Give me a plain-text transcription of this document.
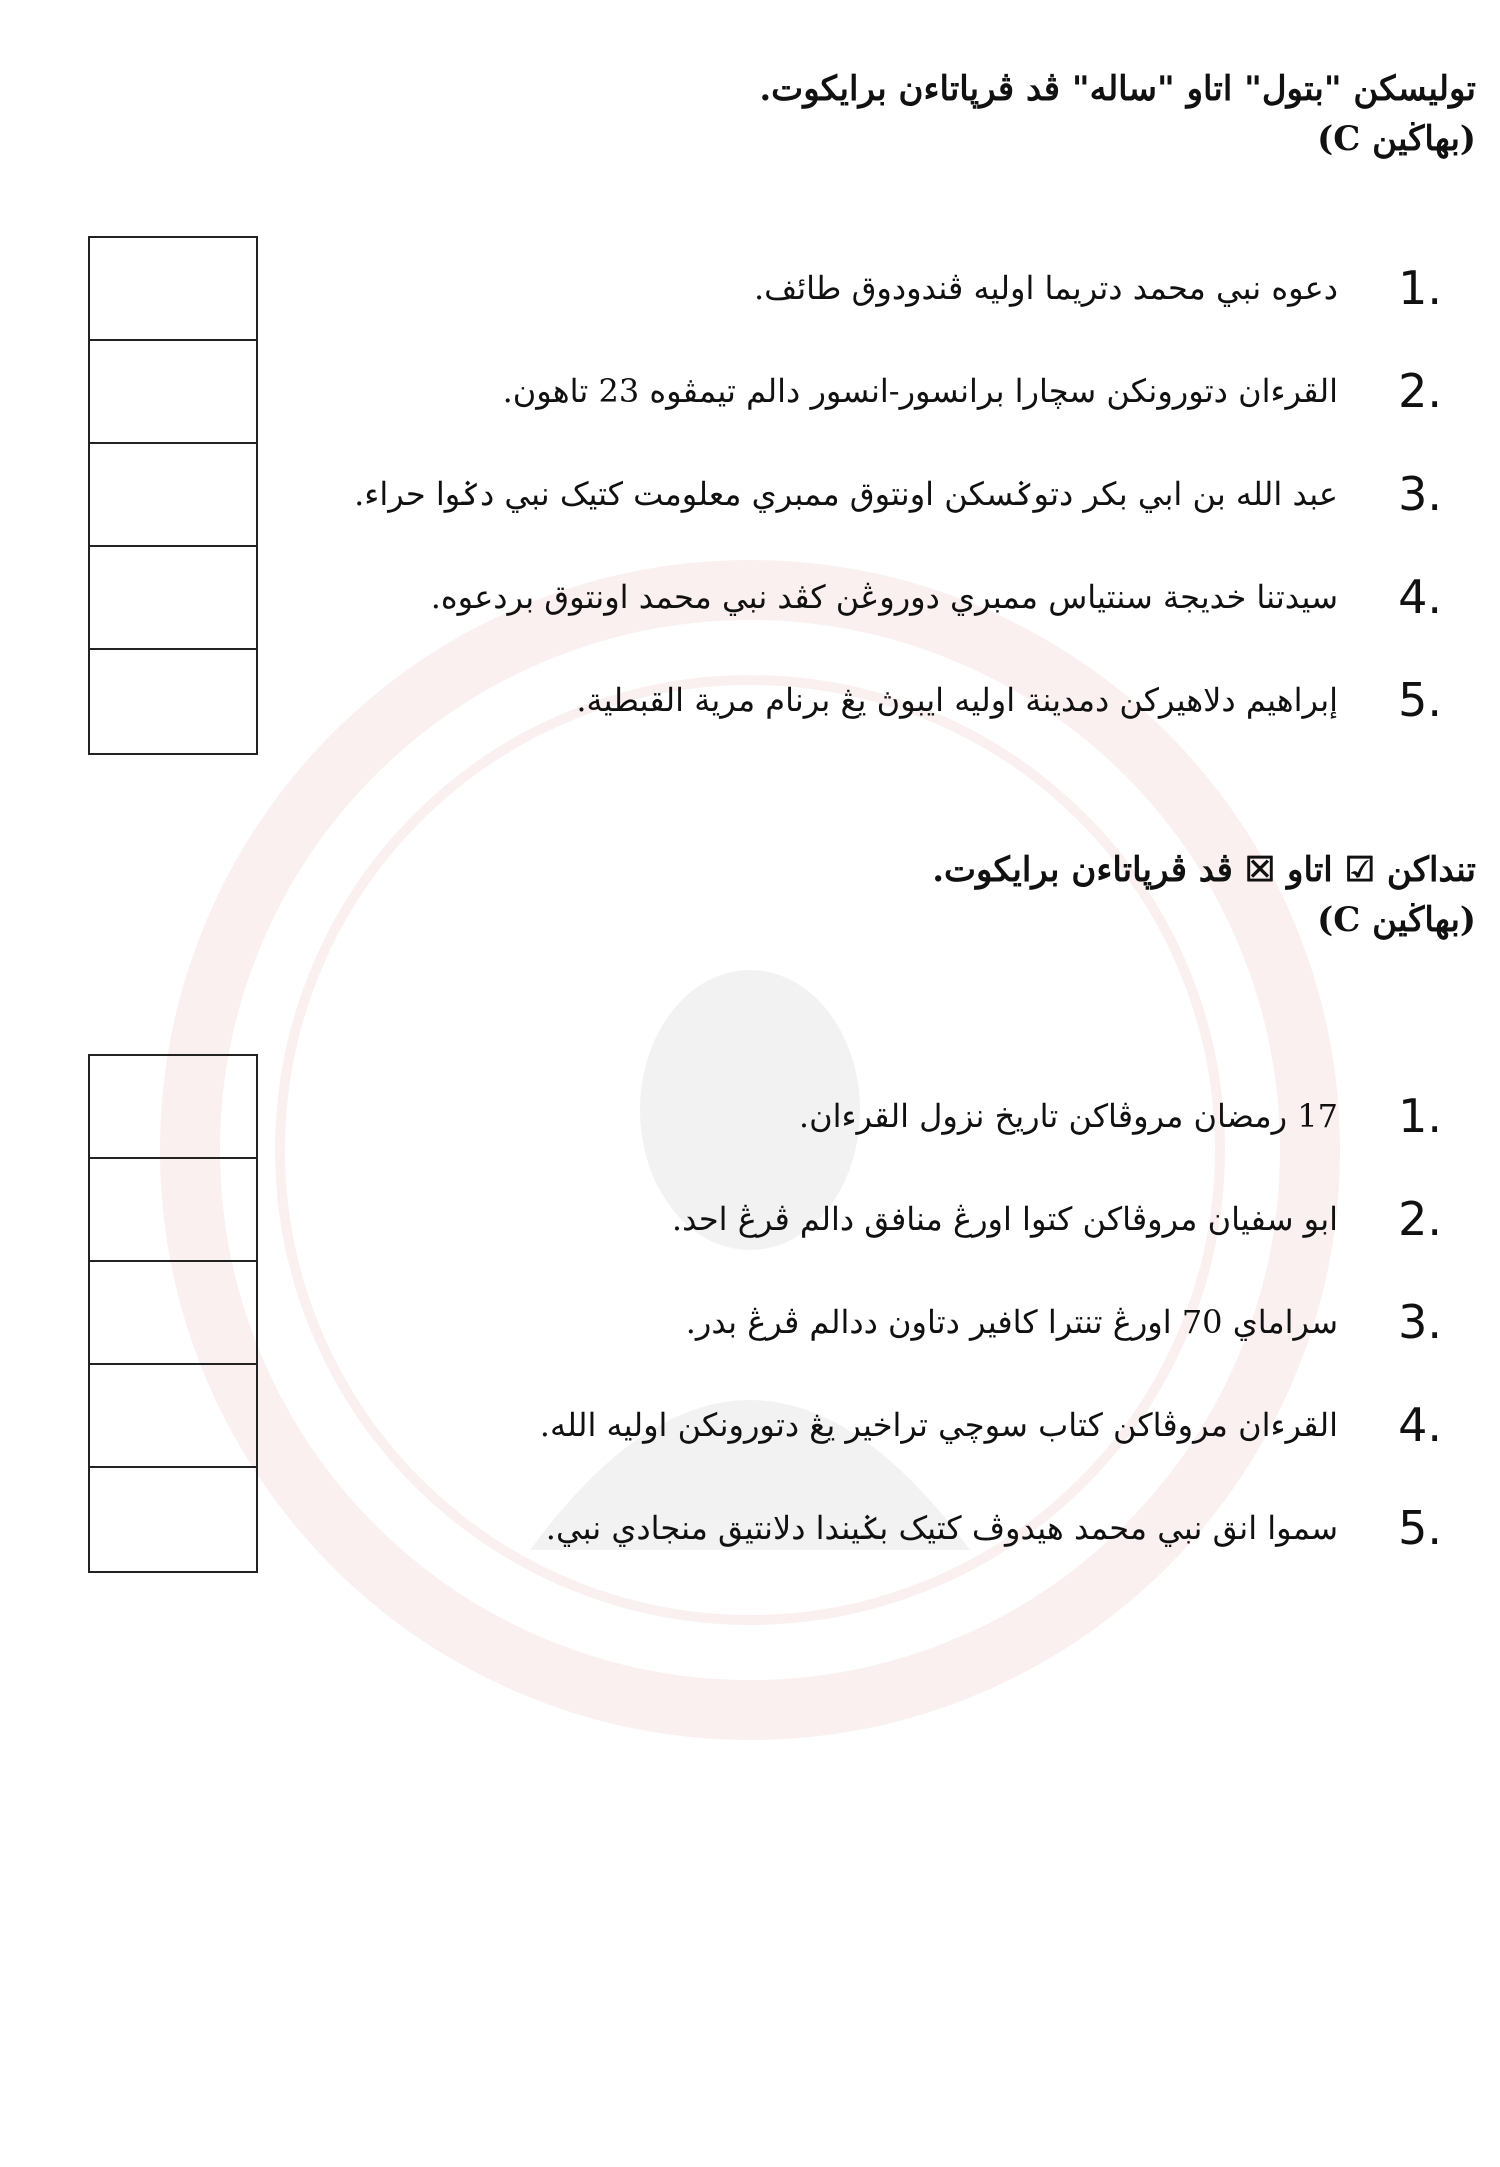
توليسكن "بتول" اتاو "ساله" ڤد ڤرپاتاءن برايكوت.
(بهاڬين C)
1.
دعوه نبي محمد دتريما اوليه ڤندودوق طائف.
2.
القرءان دتورونكن سچارا برانسور-انسور دالم تيمڤوه 23 تاهون.
3.
عبد الله بن ابي بكر دتوݢسكن اونتوق ممبري معلومت كتيک نبي دݢوا حراء.
4.
سيدتنا خديجة سنتياس ممبري دوروڠن كڤد نبي محمد اونتوق بردعوه.
5.
إبراهيم دلاهيركن دمدينة اوليه ايبوڽ يڠ برنام مرية القبطية.
تنداكن ☑ اتاو ☒ ڤد ڤرپاتاءن برايكوت.
(بهاڬين C)
1.
17 رمضان مروڤاكن تاريخ نزول القرءان.
2.
ابو سفيان مروڤاكن كتوا اورڠ منافق دالم ڤرڠ احد.
3.
سراماي 70 اورڠ تنترا كافير دتاون ددالم ڤرڠ بدر.
4.
القرءان مروڤاكن كتاب سوچي تراخير يڠ دتورونكن اوليه الله.
5.
سموا انق نبي محمد هيدوڤ كتيک بݢيندا دلانتيق منجادي نبي.
